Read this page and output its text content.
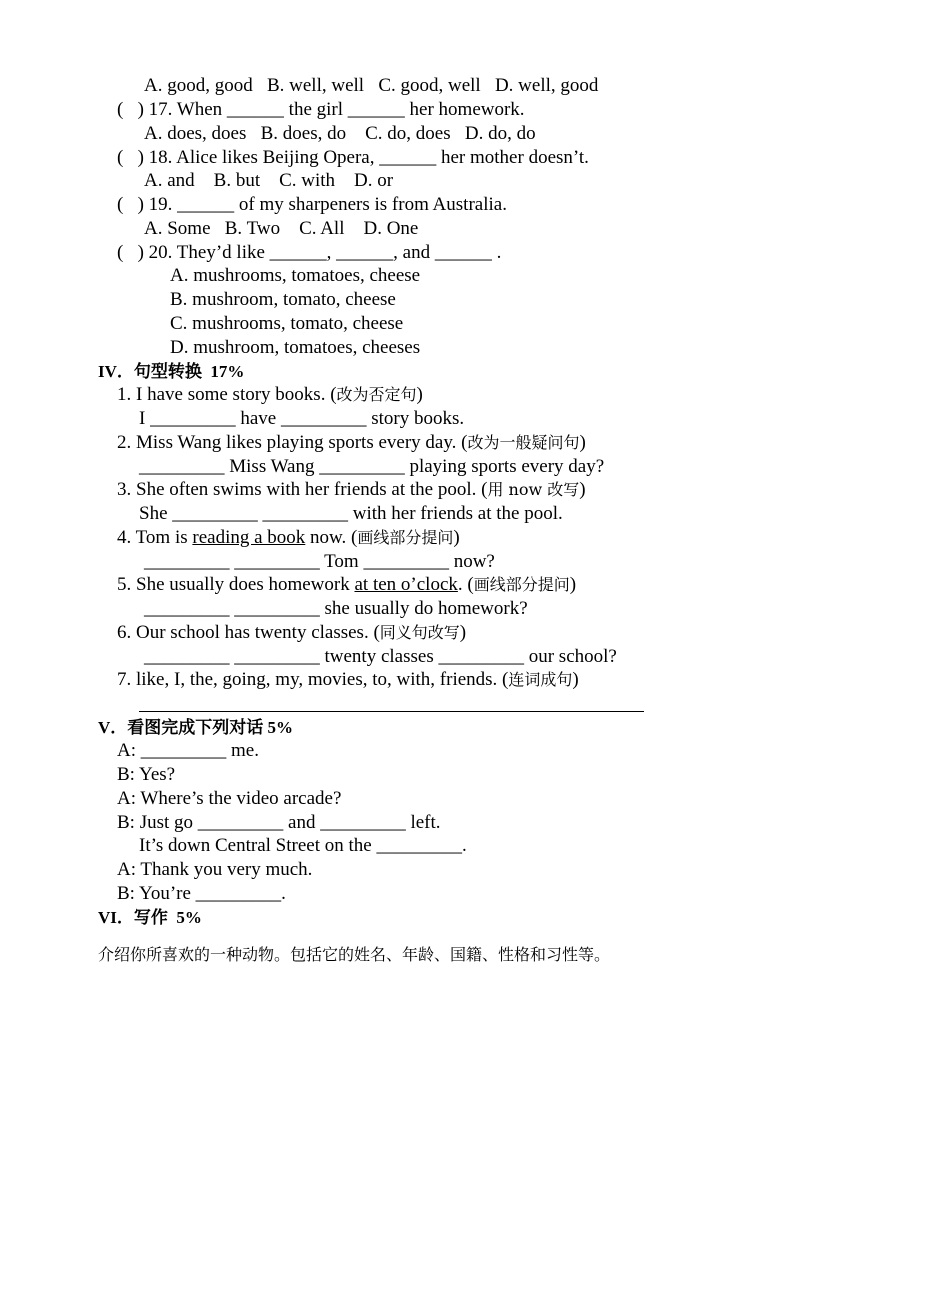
A. good, good   B. well, well   C. good, well   D. well, good
(   ) 17. When ______ the girl ______ her homework.
A. does, does   B. does, do    C. do, does   D. do, do
(   ) 18. Alice likes Beijing Opera, ______ her mother doesn’t.
A. and    B. but    C. with    D. or
(   ) 19. ______ of my sharpeners is from Australia.
A. Some   B. Two    C. All    D. One
(   ) 20. They’d like ______, ______, and ______ .
A. mushrooms, tomatoes, cheese
B. mushroom, tomato, cheese
C. mushrooms, tomato, cheese
D. mushroom, tomatoes, cheeses
IV．句型转换  17%
1. I have some story books. (改为否定句)
I _________ have _________ story books.
2. Miss Wang likes playing sports every day. (改为一般疑问句)
_________ Miss Wang _________ playing sports every day?
3. She often swims with her friends at the pool. (用 now 改写)
She _________ _________ with her friends at the pool.
4. Tom is reading a book now. (画线部分提问)
_________ _________ Tom _________ now?
5. She usually does homework at ten o’clock. (画线部分提问)
_________ _________ she usually do homework?
6. Our school has twenty classes. (同义句改写)
_________ _________ twenty classes _________ our school?
7. like, I, the, going, my, movies, to, with, friends. (连词成句)
V．看图完成下列对话 5%
A: _________ me.
B: Yes?
A: Where’s the video arcade?
B: Just go _________ and _________ left.
It’s down Central Street on the _________.
A: Thank you very much.
B: You’re _________.
VI．写作  5%
介绍你所喜欢的一种动物。包括它的姓名、年龄、国籍、性格和习性等。
